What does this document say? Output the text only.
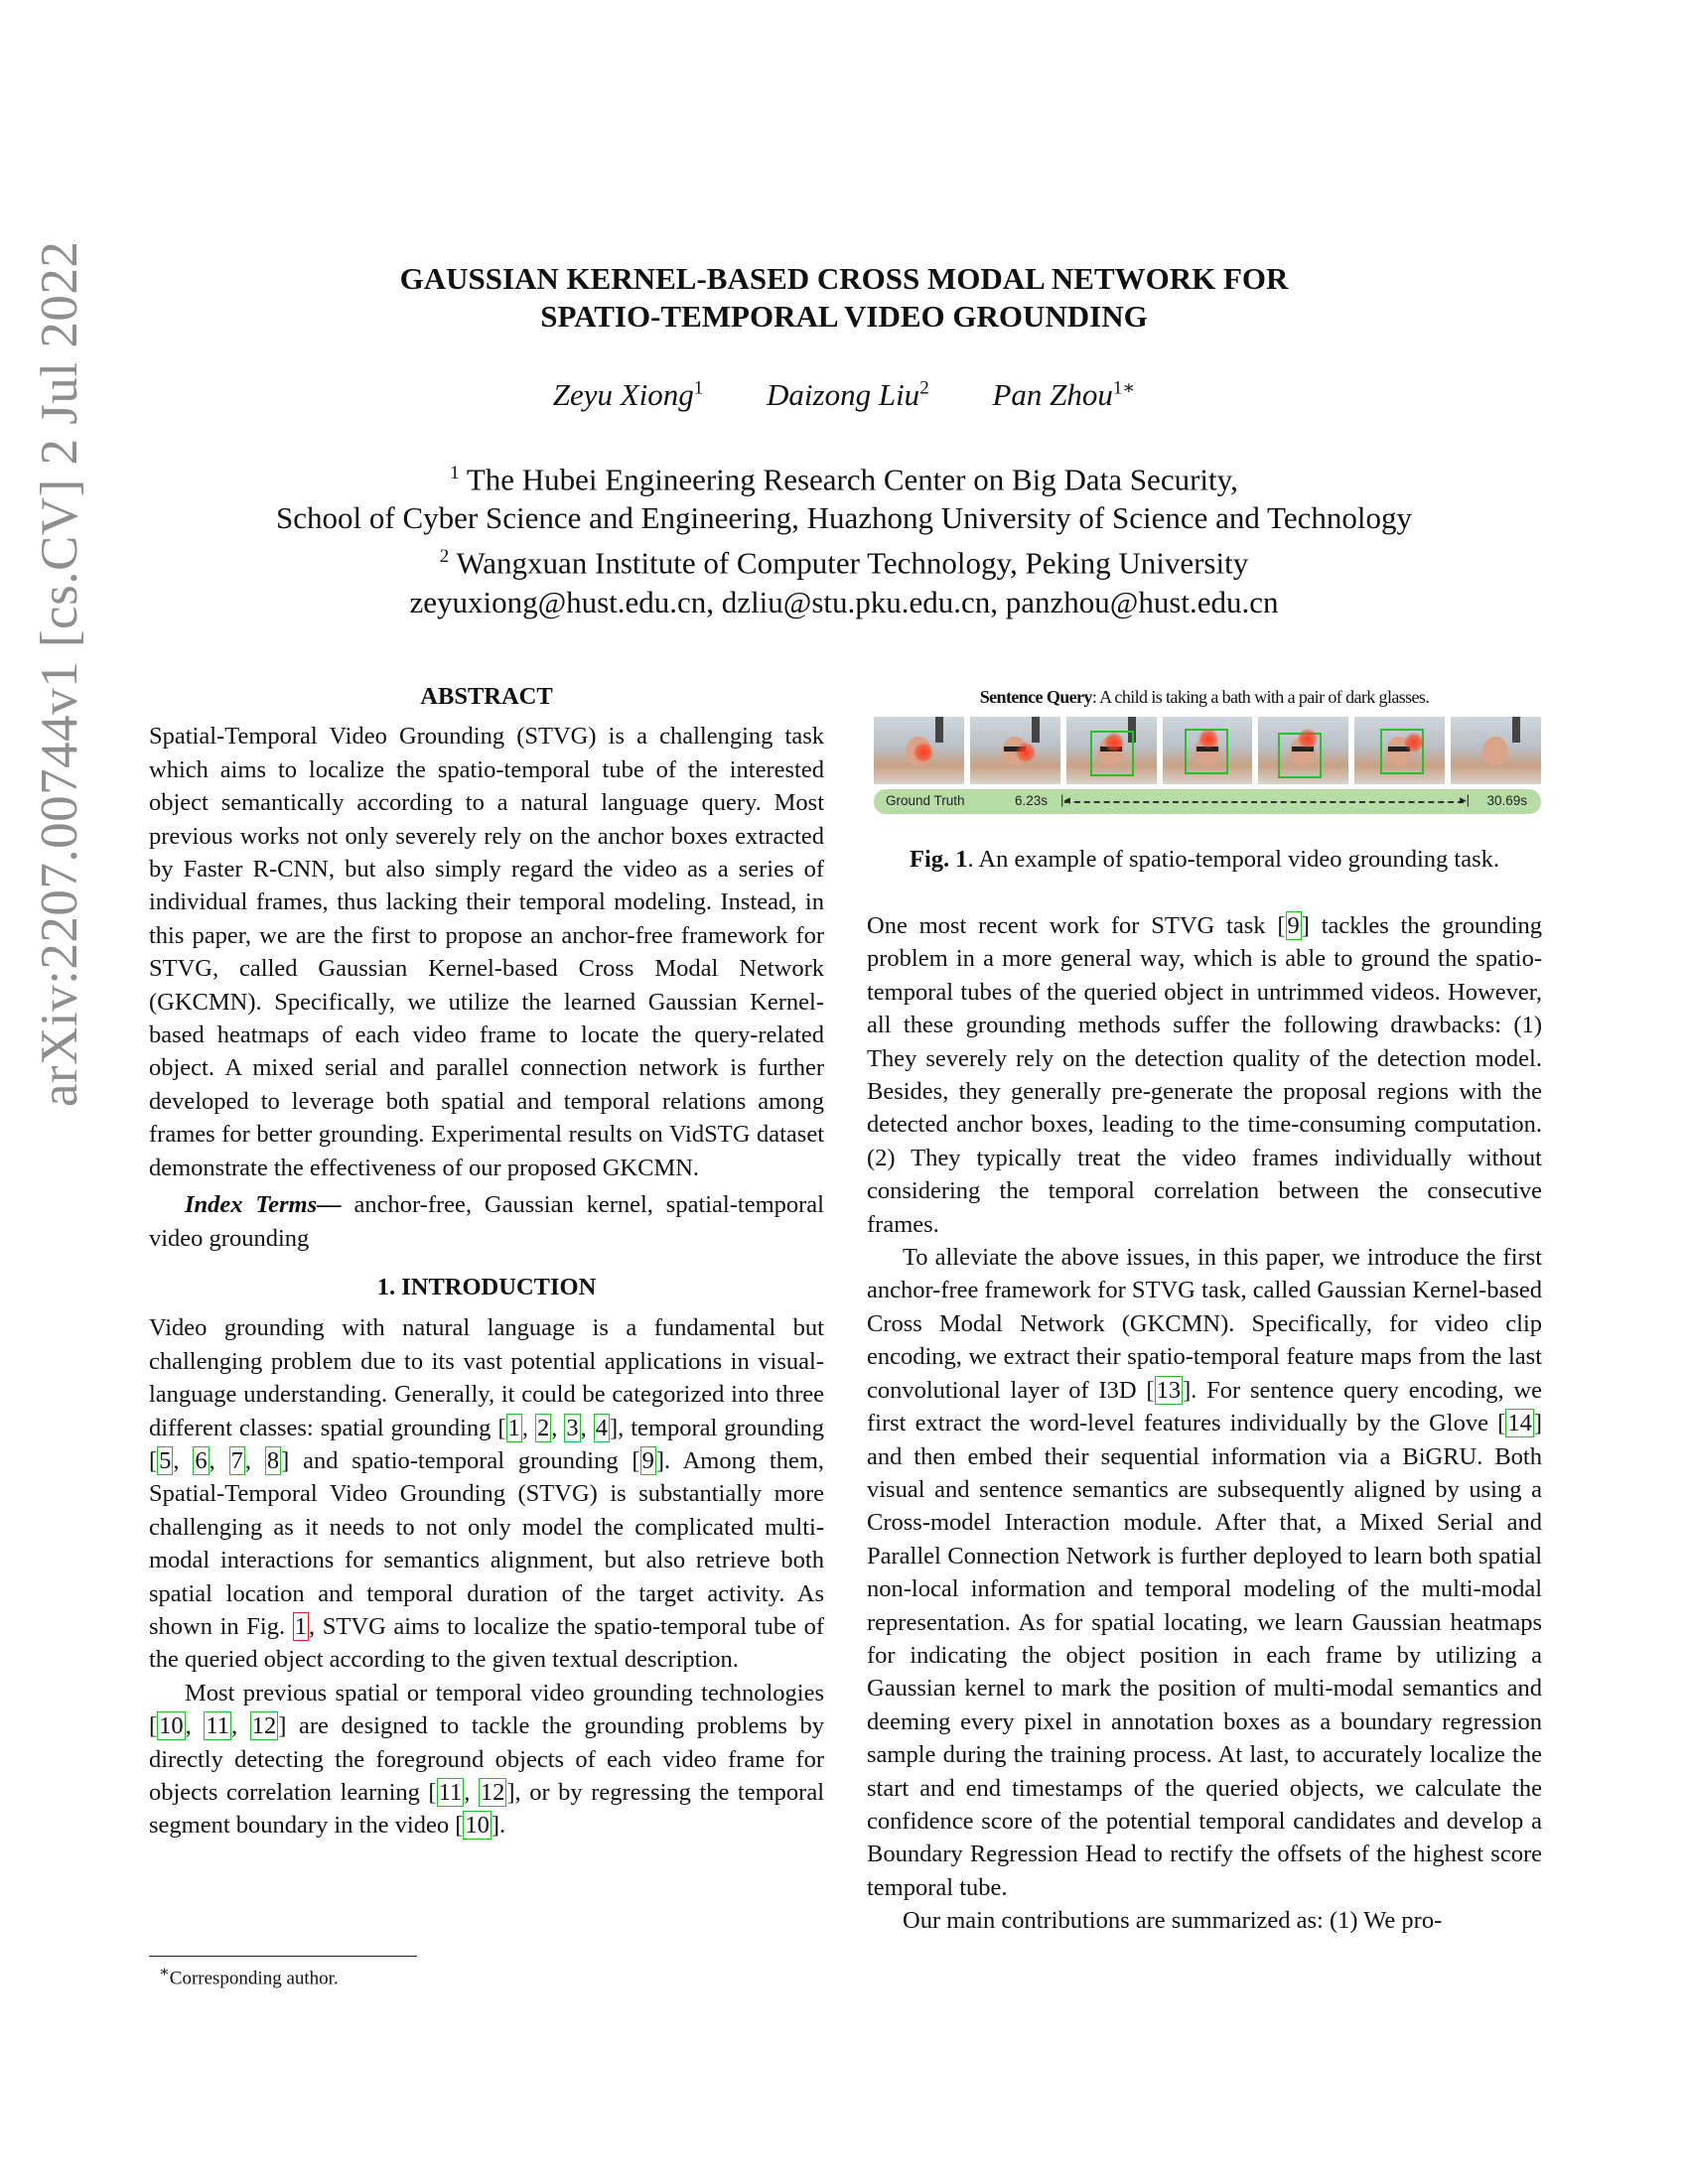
arXiv:2207.00744v1 [cs.CV] 2 Jul 2022	GAUSSIAN KERNEL-BASED CROSS MODAL NETWORK FOR
SPATIO-TEMPORAL VIDEO GROUNDING
Zeyu Xiong$^1$ Daizong Liu$^2$ Pan Zhou$^{1∗}$
$^1$ The Hubei Engineering Research Center on Big Data Security,
School of Cyber Science and Engineering, Huazhong University of Science and Technology
$^2$ Wangxuan Institute of Computer Technology, Peking University
zeyuxiong@hust.edu.cn, dzliu@stu.pku.edu.cn, panzhou@hust.edu.cn
ABSTRACT

Spatial-Temporal Video Grounding (STVG) is a challenging task which aims to localize the spatio-temporal tube of the interested object semantically according to a natural language query. Most previous works not only severely rely on the anchor boxes extracted by Faster R-CNN, but also simply regard the video as a series of individual frames, thus lacking their temporal modeling. Instead, in this paper, we are the first to propose an anchor-free framework for STVG, called Gaussian Kernel-based Cross Modal Network (GKCMN). Specifically, we utilize the learned Gaussian Kernel-based heatmaps of each video frame to locate the query-related object. A mixed serial and parallel connection network is further developed to leverage both spatial and temporal relations among frames for better grounding. Experimental results on VidSTG dataset demonstrate the effectiveness of our proposed GKCMN.

Index Terms— anchor-free, Gaussian kernel, spatial-temporal video grounding

1. INTRODUCTION

Video grounding with natural language is a fundamental but challenging problem due to its vast potential applications in visual-language understanding. Generally, it could be categorized into three different classes: spatial grounding [1, 2, 3, 4], temporal grounding [5, 6, 7, 8] and spatio-temporal grounding [9]. Among them, Spatial-Temporal Video Grounding (STVG) is substantially more challenging as it needs to not only model the complicated multi-modal interactions for semantics alignment, but also retrieve both spatial location and temporal duration of the target activity. As shown in Fig. 1, STVG aims to localize the spatio-temporal tube of the queried object according to the given textual description.

Most previous spatial or temporal video grounding technologies [10, 11, 12] are designed to tackle the grounding problems by directly detecting the foreground objects of each video frame for objects correlation learning [11, 12], or by regressing the temporal segment boundary in the video [10].

∗Corresponding author.
Sentence Query: A child is taking a bath with a pair of dark glasses.
Ground Truth	6.23s |◂	▸| 30.69s
Fig. 1. An example of spatio-temporal video grounding task.

One most recent work for STVG task [9] tackles the grounding problem in a more general way, which is able to ground the spatio-temporal tubes of the queried object in untrimmed videos. However, all these grounding methods suffer the following drawbacks: (1) They severely rely on the detection quality of the detection model. Besides, they generally pre-generate the proposal regions with the detected anchor boxes, leading to the time-consuming computation. (2) They typically treat the video frames individually without considering the temporal correlation between the consecutive frames.

To alleviate the above issues, in this paper, we introduce the first anchor-free framework for STVG task, called Gaussian Kernel-based Cross Modal Network (GKCMN). Specifically, for video clip encoding, we extract their spatio-temporal feature maps from the last convolutional layer of I3D [13]. For sentence query encoding, we first extract the word-level features individually by the Glove [14] and then embed their sequential information via a BiGRU. Both visual and sentence semantics are subsequently aligned by using a Cross-model Interaction module. After that, a Mixed Serial and Parallel Connection Network is further deployed to learn both spatial non-local information and temporal modeling of the multi-modal representation. As for spatial locating, we learn Gaussian heatmaps for indicating the object position in each frame by utilizing a Gaussian kernel to mark the position of multi-modal semantics and deeming every pixel in annotation boxes as a boundary regression sample during the training process. At last, to accurately localize the start and end timestamps of the queried objects, we calculate the confidence score of the potential temporal candidates and develop a Boundary Regression Head to rectify the offsets of the highest score temporal tube.

Our main contributions are summarized as: (1) We pro-
